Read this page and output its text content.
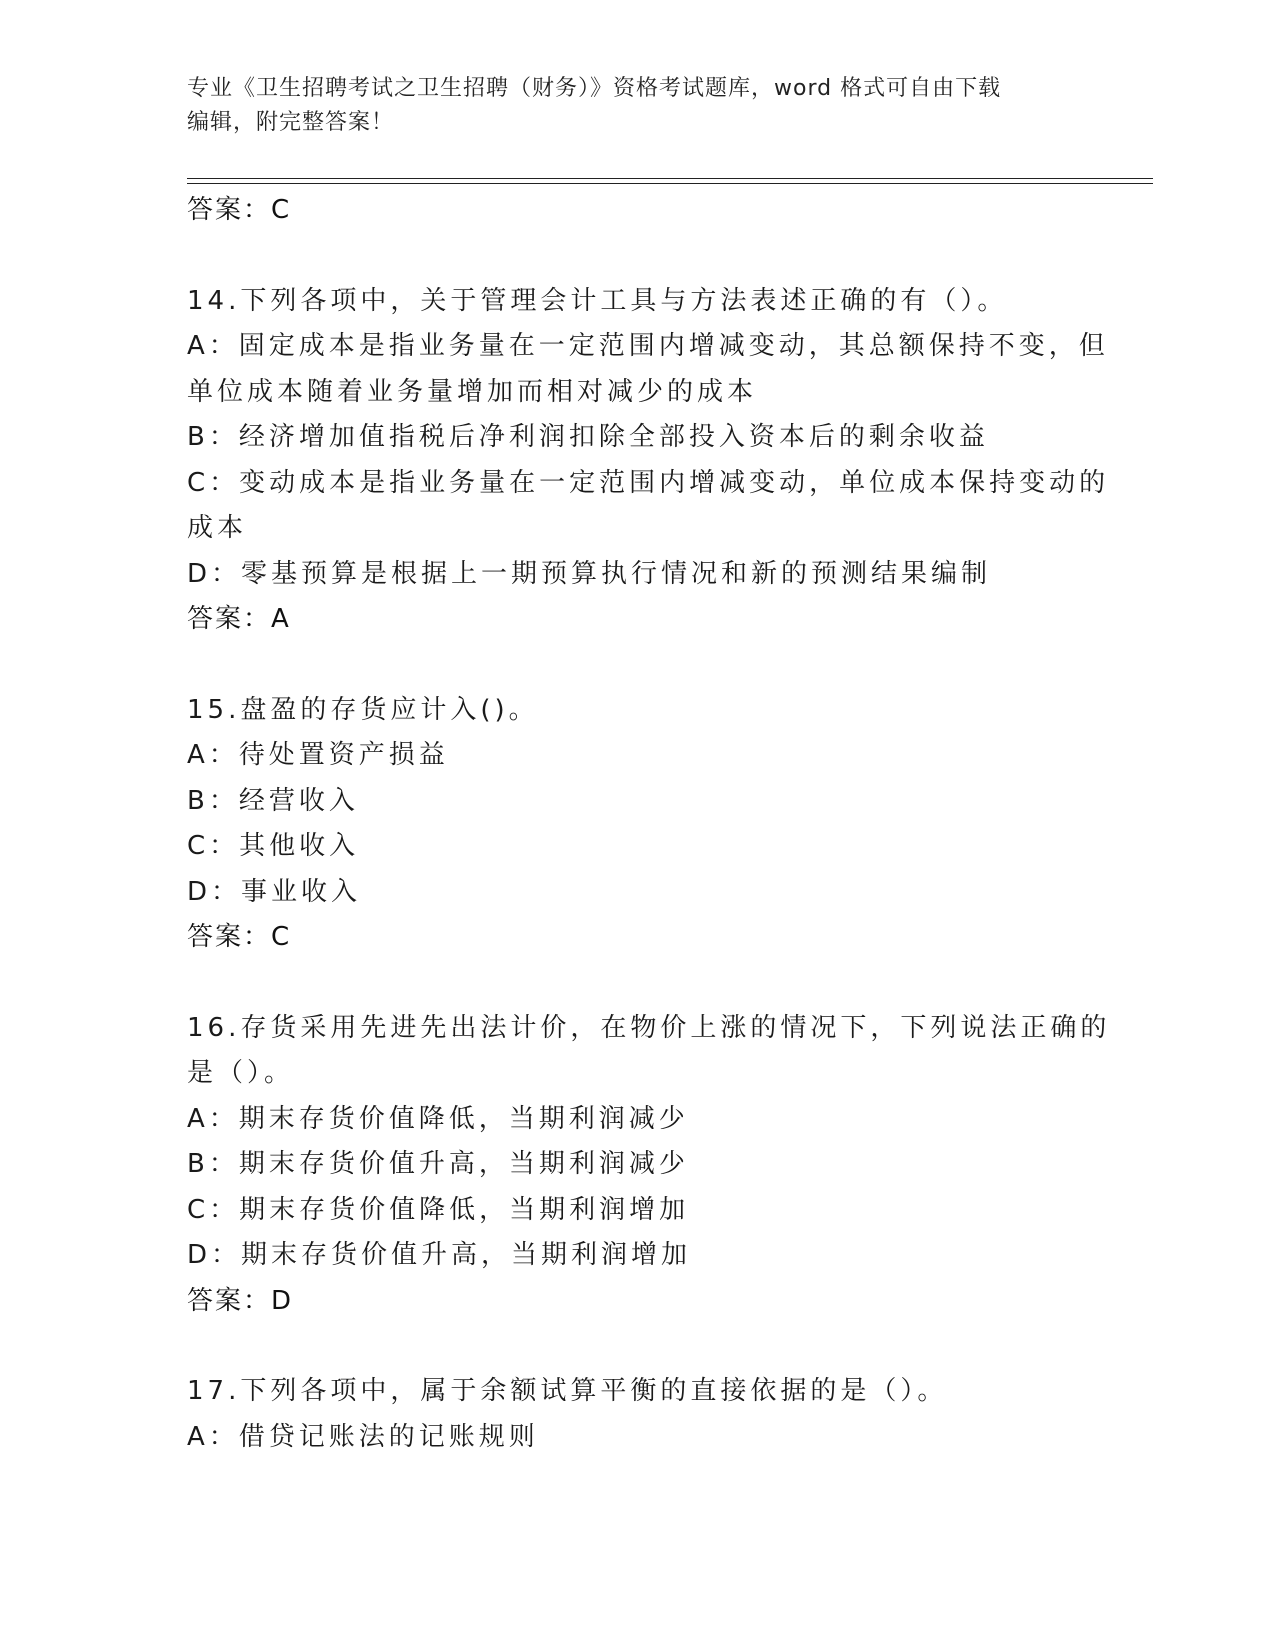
专业《卫生招聘考试之卫生招聘（财务）》资格考试题库，word 格式可自由下载
编辑，附完整答案！
答案：C
14.下列各项中，关于管理会计工具与方法表述正确的有（）。
A：固定成本是指业务量在一定范围内增减变动，其总额保持不变，但
单位成本随着业务量增加而相对减少的成本
B：经济增加值指税后净利润扣除全部投入资本后的剩余收益
C：变动成本是指业务量在一定范围内增减变动，单位成本保持变动的
成本
D：零基预算是根据上一期预算执行情况和新的预测结果编制
答案：A
15.盘盈的存货应计入()。
A：待处置资产损益
B：经营收入
C：其他收入
D：事业收入
答案：C
16.存货采用先进先出法计价，在物价上涨的情况下，下列说法正确的
是（）。
A：期末存货价值降低，当期利润减少
B：期末存货价值升高，当期利润减少
C：期末存货价值降低，当期利润增加
D：期末存货价值升高，当期利润增加
答案：D
17.下列各项中，属于余额试算平衡的直接依据的是（）。
A：借贷记账法的记账规则
